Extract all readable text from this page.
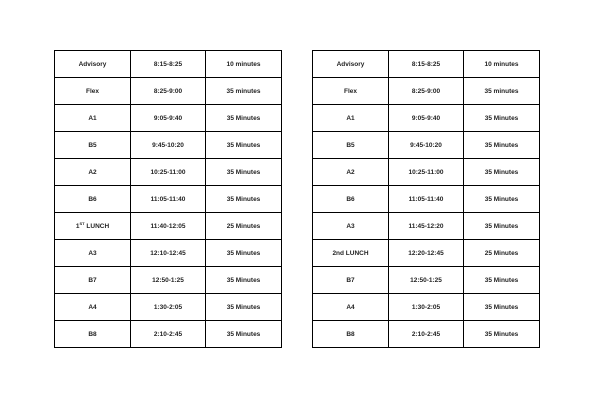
Advisory	8:15-8:25	10 minutes
Flex	8:25-9:00	35 minutes
A1	9:05-9:40	35 Minutes
B5	9:45-10:20	35 Minutes
A2	10:25-11:00	35 Minutes
B6	11:05-11:40	35 Minutes
1ST LUNCH	11:40-12:05	25 Minutes
A3	12:10-12:45	35 Minutes
B7	12:50-1:25	35 Minutes
A4	1:30-2:05	35 Minutes
B8	2:10-2:45	35 Minutes
Advisory	8:15-8:25	10 minutes
Flex	8:25-9:00	35 minutes
A1	9:05-9:40	35 Minutes
B5	9:45-10:20	35 Minutes
A2	10:25-11:00	35 Minutes
B6	11:05-11:40	35 Minutes
A3	11:45-12:20	35 Minutes
2nd LUNCH	12:20-12:45	25 Minutes
B7	12:50-1:25	35 Minutes
A4	1:30-2:05	35 Minutes
B8	2:10-2:45	35 Minutes
